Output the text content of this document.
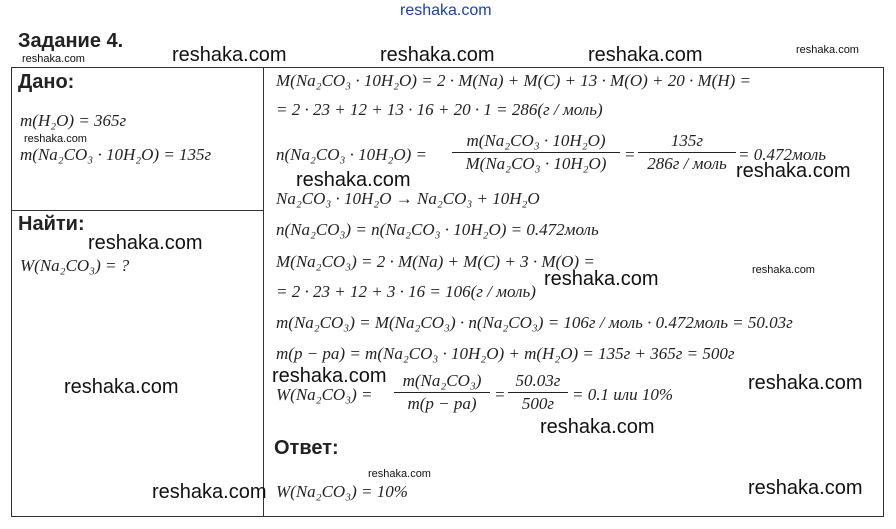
reshaka.com
Задание 4.
Дано:
m(H₂O) = 365г
m(Na₂CO₃ · 10H₂O) = 135г
Найти:
W(Na₂CO₃) = ?
M(Na₂CO₃ · 10H₂O) = 2 · M(Na) + M(C) + 13 · M(O) + 20 · M(H) =
= 2 · 23 + 12 + 13 · 16 + 20 · 1 = 286(г / моль)
n(Na₂CO₃ · 10H₂O) =
m(Na₂CO₃ · 10H₂O)
M(Na₂CO₃ · 10H₂O)	=
135г
286г / моль = 0.472моль
Na₂CO₃ · 10H₂O → Na₂CO₃ + 10H₂O
n(Na₂CO₃) = n(Na₂CO₃ · 10H₂O) = 0.472моль
M(Na₂CO₃) = 2 · M(Na) + M(C) + 3 · M(O) =
= 2 · 23 + 12 + 3 · 16 = 106(г / моль)
m(Na₂CO₃) = M(Na₂CO₃) · n(Na₂CO₃) = 106г / моль · 0.472моль = 50.03г
m(p − pa) = m(Na₂CO₃ · 10H₂O) + m(H₂O) = 135г + 365г = 500г
W(Na₂CO₃) =
m(Na₂CO₃)
m(p − pa)	=
50.03г
500г	= 0.1 или 10%
Ответ:
W(Na₂CO₃) = 10%
reshaka.com	reshaka.com	reshaka.com	reshaka.com	reshaka.com
reshaka.com
reshaka.com	reshaka.com
reshaka.com
reshaka.com	reshaka.com
reshaka.com
reshaka.com	reshaka.com
reshaka.com
reshaka.com
reshaka.com	reshaka.com
